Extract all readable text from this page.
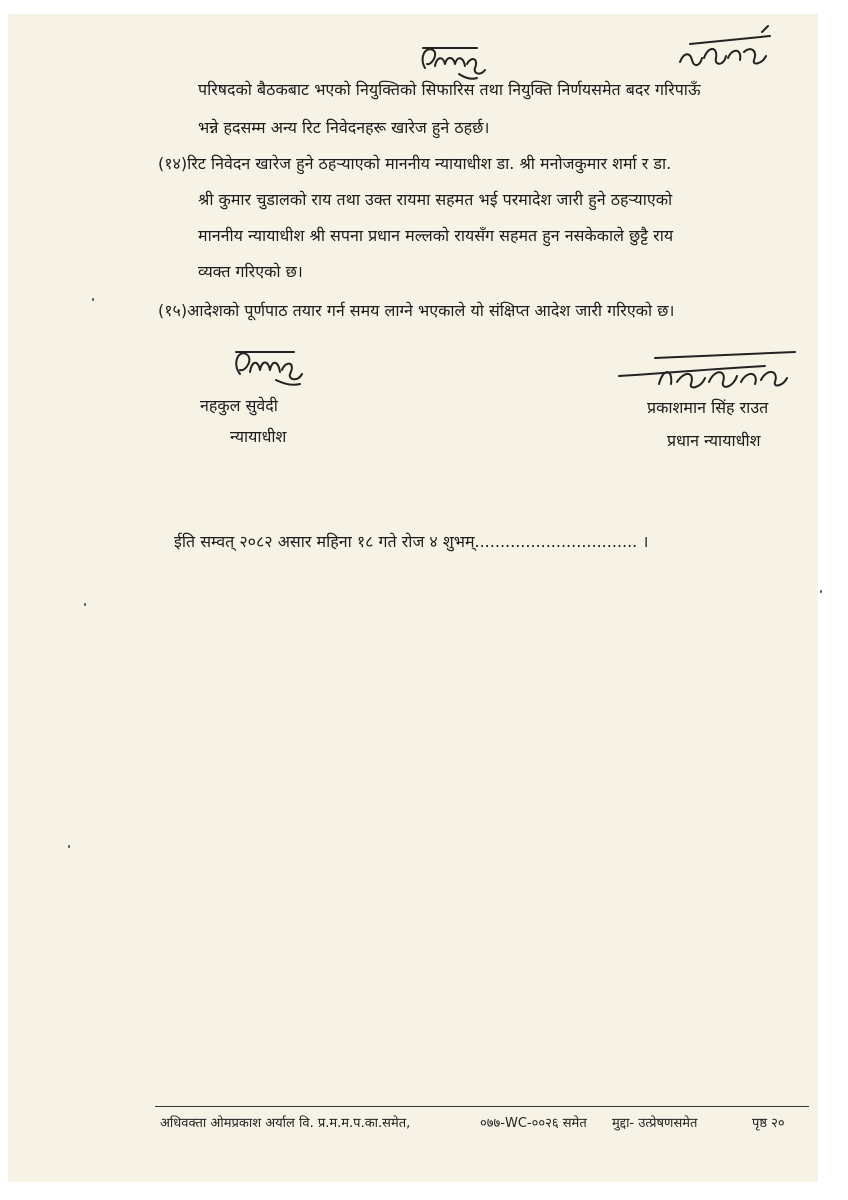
परिषदको बैठकबाट भएको नियुक्तिको सिफारिस तथा नियुक्ति निर्णयसमेत बदर गरिपाऊँ
भन्ने हदसम्म अन्य रिट निवेदनहरू खारेज हुने ठहर्छ।
(१४)रिट निवेदन खारेज हुने ठहऱ्याएको माननीय न्यायाधीश डा. श्री मनोजकुमार शर्मा र डा.
श्री कुमार चुडालको राय तथा उक्त रायमा सहमत भई परमादेश जारी हुने ठहऱ्याएको
माननीय न्यायाधीश श्री सपना प्रधान मल्लको रायसँग सहमत हुन नसकेकाले छुट्टै राय
व्यक्त गरिएको छ।
(१५)आदेशको पूर्णपाठ तयार गर्न समय लाग्ने भएकाले यो संक्षिप्त आदेश जारी गरिएको छ।
नहकुल सुवेदी
न्यायाधीश
प्रकाशमान सिंह राउत
प्रधान न्यायाधीश
ईति सम्वत् २०८२ असार महिना १८ गते रोज ४ शुभम्................................ ।
अधिवक्ता ओमप्रकाश अर्याल वि. प्र.म.म.प.का.समेत,	०७७-WC-००२६ समेत मुद्दा- उत्प्रेषणसमेत	पृष्ठ २०
